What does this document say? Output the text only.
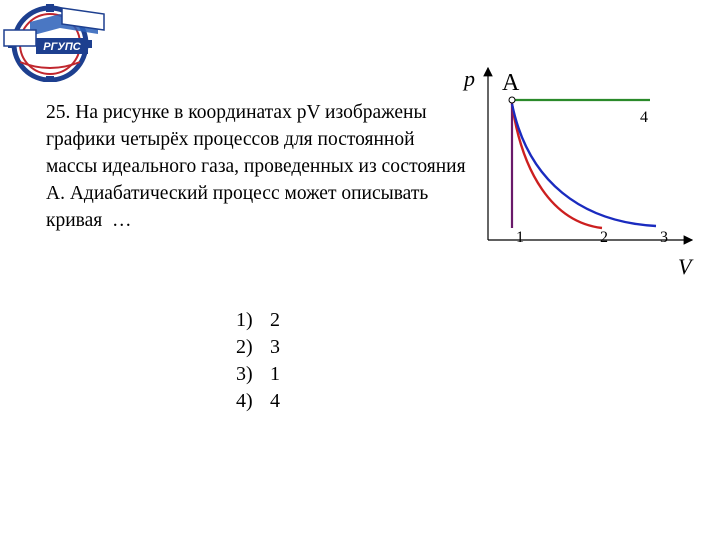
РГУПС
25. На рисунке в координатах pV изображены графики четырёх процессов для постоянной массы идеального газа, проведенных из состояния А. Адиабатический процесс может описывать кривая  …
1) 2
2) 3
3) 1
4) 4
p
V
A
1	2	3
4
